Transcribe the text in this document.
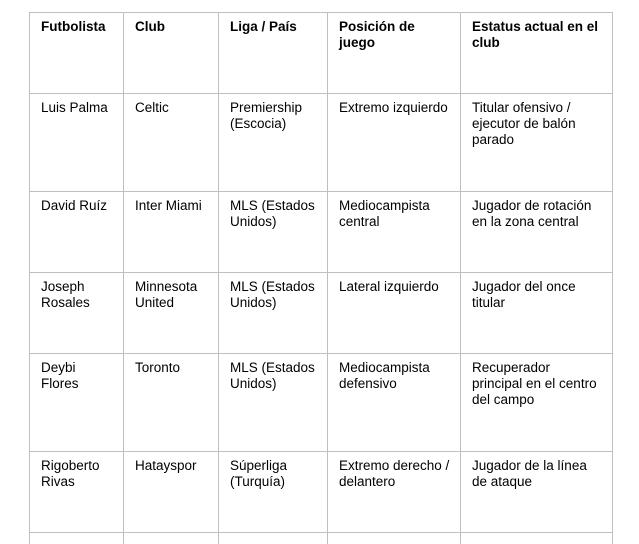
Futbolista	Club	Liga / País	Posición de juego	Estatus actual en el club
Luis Palma	Celtic	Premiership (Escocia)	Extremo izquierdo	Titular ofensivo / ejecutor de balón parado
David Ruíz	Inter Miami	MLS (Estados Unidos)	Mediocampista central	Jugador de rotación en la zona central
Joseph Rosales	Minnesota United	MLS (Estados Unidos)	Lateral izquierdo	Jugador del once titular
Deybi Flores	Toronto	MLS (Estados Unidos)	Mediocampista defensivo	Recuperador principal en el centro del campo
Rigoberto Rivas	Hatayspor	Súperliga (Turquía)	Extremo derecho / delantero	Jugador de la línea de ataque
